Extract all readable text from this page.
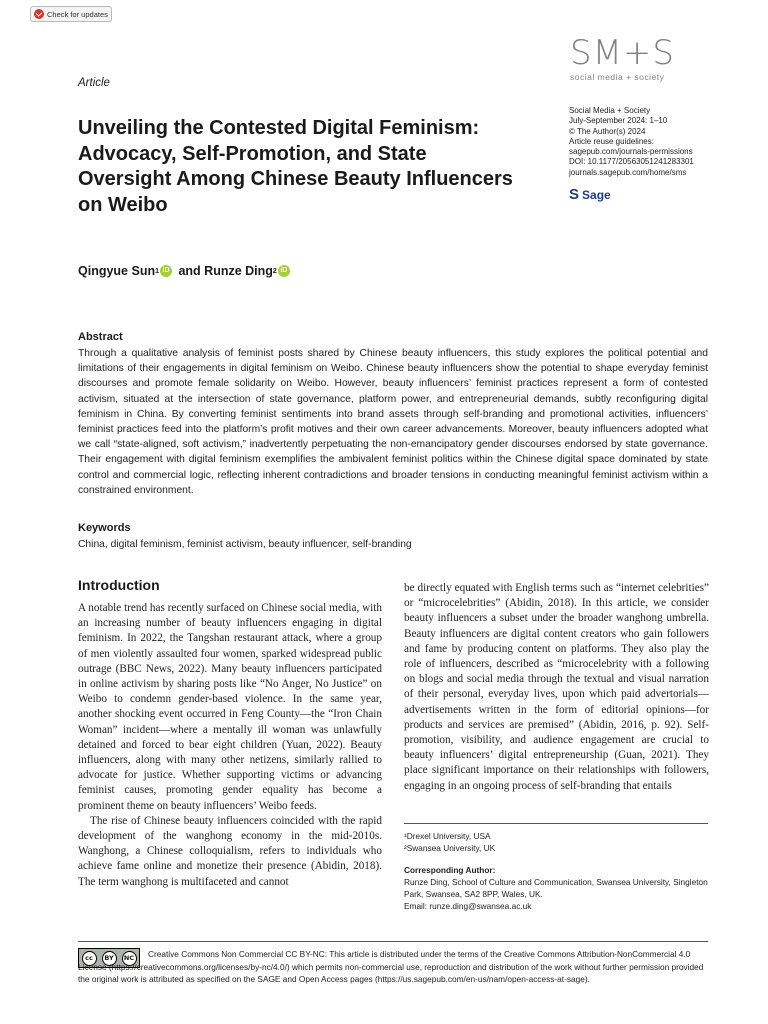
Check for updates
SM+S
social media + society
Article
Unveiling the Contested Digital Feminism: Advocacy, Self-Promotion, and State Oversight Among Chinese Beauty Influencers on Weibo
Social Media + Society
July-September 2024: 1–10
© The Author(s) 2024
Article reuse guidelines:
sagepub.com/journals-permissions
DOI: 10.1177/20563051241283301
journals.sagepub.com/home/sms
S Sage
Qingyue Sun 1 iD and Runze Ding 2 iD
Abstract
Through a qualitative analysis of feminist posts shared by Chinese beauty influencers, this study explores the political potential and limitations of their engagements in digital feminism on Weibo. Chinese beauty influencers show the potential to shape everyday feminist discourses and promote female solidarity on Weibo. However, beauty influencers’ feminist practices represent a form of contested activism, situated at the intersection of state governance, platform power, and entrepreneurial demands, subtly reconfiguring digital feminism in China. By converting feminist sentiments into brand assets through self-branding and promotional activities, influencers’ feminist practices feed into the platform’s profit motives and their own career advancements. Moreover, beauty influencers adopted what we call “state-aligned, soft activism,” inadvertently perpetuating the non-emancipatory gender discourses endorsed by state governance. Their engagement with digital feminism exemplifies the ambivalent feminist politics within the Chinese digital space dominated by state control and commercial logic, reflecting inherent contradictions and broader tensions in conducting meaningful feminist activism within a constrained environment.
Keywords
China, digital feminism, feminist activism, beauty influencer, self-branding
Introduction

A notable trend has recently surfaced on Chinese social media, with an increasing number of beauty influencers engaging in digital feminism. In 2022, the Tangshan restaurant attack, where a group of men violently assaulted four women, sparked widespread public outrage (BBC News, 2022). Many beauty influencers participated in online activism by sharing posts like “No Anger, No Justice” on Weibo to condemn gender-based violence. In the same year, another shocking event occurred in Feng County—the “Iron Chain Woman” incident—where a mentally ill woman was unlawfully detained and forced to bear eight children (Yuan, 2022). Beauty influencers, along with many other netizens, similarly rallied to advocate for justice. Whether supporting victims or advancing feminist causes, promoting gender equality has become a prominent theme on beauty influencers’ Weibo feeds.

The rise of Chinese beauty influencers coincided with the rapid development of the wanghong economy in the mid-2010s. Wanghong, a Chinese colloquialism, refers to individuals who achieve fame online and monetize their presence (Abidin, 2018). The term wanghong is multifaceted and cannot

be directly equated with English terms such as “internet celebrities” or “microcelebrities” (Abidin, 2018). In this article, we consider beauty influencers a subset under the broader wanghong umbrella. Beauty influencers are digital content creators who gain followers and fame by producing content on platforms. They also play the role of influencers, described as “microcelebrity with a following on blogs and social media through the textual and visual narration of their personal, everyday lives, upon which paid advertorials—advertisements written in the form of editorial opinions—for products and services are premised” (Abidin, 2016, p. 92). Self-promotion, visibility, and audience engagement are crucial to beauty influencers’ digital entrepreneurship (Guan, 2021). They place significant importance on their relationships with followers, engaging in an ongoing process of self-branding that entails

¹Drexel University, USA
²Swansea University, UK
Corresponding Author:
Runze Ding, School of Culture and Communication, Swansea University, Singleton Park, Swansea, SA2 8PP, Wales, UK.
Email: runze.ding@swansea.ac.uk
cc	BY	NC	Creative Commons Non Commercial CC BY-NC: This article is distributed under the terms of the Creative Commons Attribution-NonCommercial 4.0 License (https://creativecommons.org/licenses/by-nc/4.0/) which permits non-commercial use, reproduction and distribution of the work without further permission provided the original work is attributed as specified on the SAGE and Open Access pages (https://us.sagepub.com/en-us/nam/open-access-at-sage).
